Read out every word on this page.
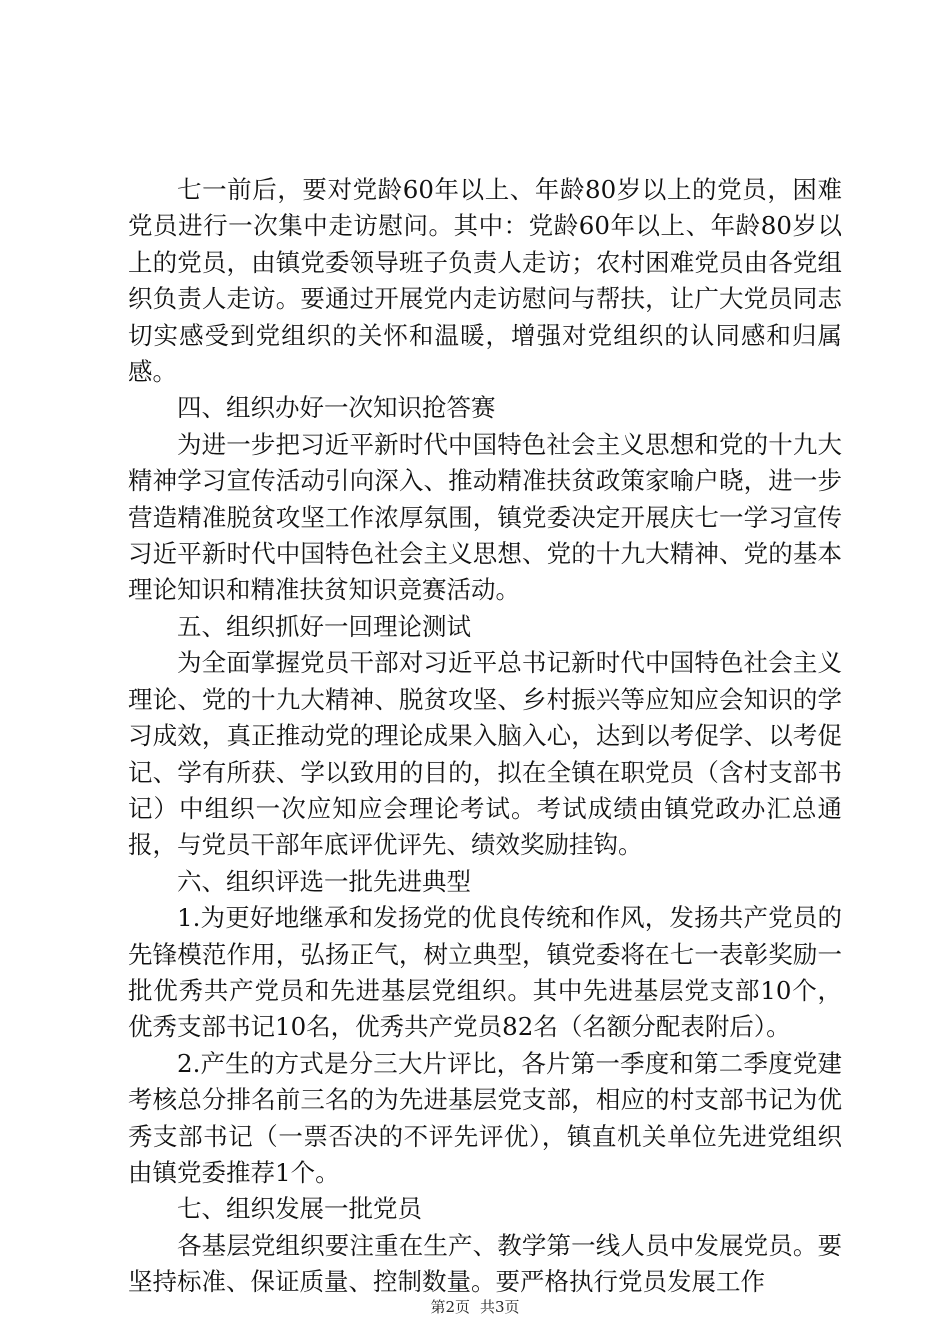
七一前后，要对党龄60年以上、年龄80岁以上的党员，困难党员进行一次集中走访慰问。其中：党龄60年以上、年龄80岁以上的党员，由镇党委领导班子负责人走访；农村困难党员由各党组织负责人走访。要通过开展党内走访慰问与帮扶，让广大党员同志切实感受到党组织的关怀和温暖，增强对党组织的认同感和归属感。

四、组织办好一次知识抢答赛

为进一步把习近平新时代中国特色社会主义思想和党的十九大精神学习宣传活动引向深入、推动精准扶贫政策家喻户晓，进一步营造精准脱贫攻坚工作浓厚氛围，镇党委决定开展庆七一学习宣传习近平新时代中国特色社会主义思想、党的十九大精神、党的基本理论知识和精准扶贫知识竞赛活动。

五、组织抓好一回理论测试

为全面掌握党员干部对习近平总书记新时代中国特色社会主义理论、党的十九大精神、脱贫攻坚、乡村振兴等应知应会知识的学习成效，真正推动党的理论成果入脑入心，达到以考促学、以考促记、学有所获、学以致用的目的，拟在全镇在职党员（含村支部书记）中组织一次应知应会理论考试。考试成绩由镇党政办汇总通报，与党员干部年底评优评先、绩效奖励挂钩。

六、组织评选一批先进典型

1.为更好地继承和发扬党的优良传统和作风，发扬共产党员的先锋模范作用，弘扬正气，树立典型，镇党委将在七一表彰奖励一批优秀共产党员和先进基层党组织。其中先进基层党支部10个，优秀支部书记10名，优秀共产党员82名（名额分配表附后）。

2.产生的方式是分三大片评比，各片第一季度和第二季度党建考核总分排名前三名的为先进基层党支部，相应的村支部书记为优秀支部书记（一票否决的不评先评优），镇直机关单位先进党组织由镇党委推荐1个。

七、组织发展一批党员

各基层党组织要注重在生产、教学第一线人员中发展党员。要坚持标准、保证质量、控制数量。要严格执行党员发展工作

第2页 共3页
